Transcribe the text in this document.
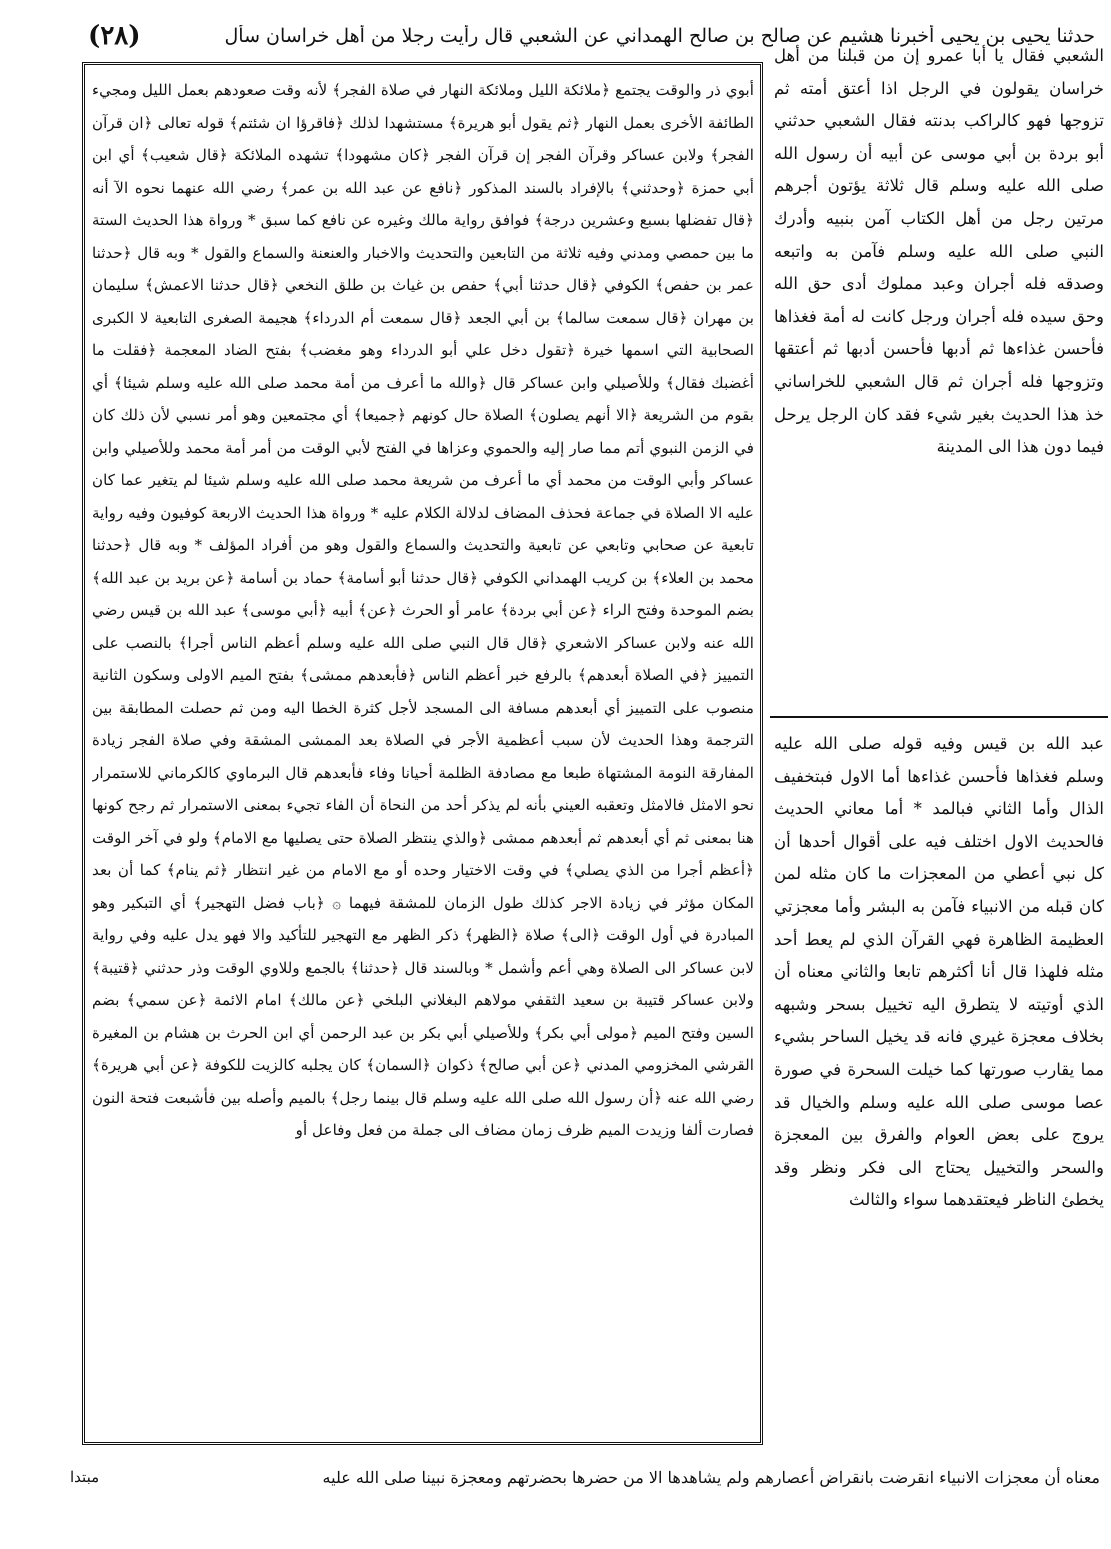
حدثنا يحيى بن يحيى أخبرنا هشيم عن صالح بن صالح الهمداني عن الشعبي قال رأيت رجلا من أهل خراسان سأل
(٢٨)

أبوي ذر والوقت يجتمع ﴿ملائكة الليل وملائكة النهار في صلاة الفجر﴾ لأنه وقت صعودهم بعمل الليل ومجيء الطائفة الأخرى بعمل النهار ﴿ثم يقول أبو هريرة﴾ مستشهدا لذلك ﴿فاقرؤا ان شئتم﴾ قوله تعالى ﴿ان قرآن الفجر﴾ ولابن عساكر وقرآن الفجر إن قرآن الفجر ﴿كان مشهودا﴾ تشهده الملائكة ﴿قال شعيب﴾ أي ابن أبي حمزة ﴿وحدثني﴾ بالإفراد بالسند المذكور ﴿نافع عن عبد الله بن عمر﴾ رضي الله عنهما نحوه الآ أنه ﴿قال تفضلها بسبع وعشرين درجة﴾ فوافق رواية مالك وغيره عن نافع كما سبق * ورواة هذا الحديث الستة ما بين حمصي ومدني وفيه ثلاثة من التابعين والتحديث والاخبار والعنعنة والسماع والقول * وبه قال ﴿حدثنا عمر بن حفص﴾ الكوفي ﴿قال حدثنا أبي﴾ حفص بن غياث بن طلق النخعي ﴿قال حدثنا الاعمش﴾ سليمان بن مهران ﴿قال سمعت سالما﴾ بن أبي الجعد ﴿قال سمعت أم الدرداء﴾ هجيمة الصغرى التابعية لا الكبرى الصحابية التي اسمها خيرة ﴿تقول دخل علي أبو الدرداء وهو مغضب﴾ بفتح الضاد المعجمة ﴿فقلت ما أغضبك فقال﴾ وللأصيلي وابن عساكر قال ﴿والله ما أعرف من أمة محمد صلى الله عليه وسلم شيئا﴾ أي بقوم من الشريعة ﴿الا أنهم يصلون﴾ الصلاة حال كونهم ﴿جميعا﴾ أي مجتمعين وهو أمر نسبي لأن ذلك كان في الزمن النبوي أتم مما صار إليه والحموي وعزاها في الفتح لأبي الوقت من أمر أمة محمد وللأصيلي وابن عساكر وأبي الوقت من محمد أي ما أعرف من شريعة محمد صلى الله عليه وسلم شيئا لم يتغير عما كان عليه الا الصلاة في جماعة فحذف المضاف لدلالة الكلام عليه * ورواة هذا الحديث الاربعة كوفيون وفيه رواية تابعية عن صحابي وتابعي عن تابعية والتحديث والسماع والقول وهو من أفراد المؤلف * وبه قال ﴿حدثنا محمد بن العلاء﴾ بن كريب الهمداني الكوفي ﴿قال حدثنا أبو أسامة﴾ حماد بن أسامة ﴿عن بريد بن عبد الله﴾ بضم الموحدة وفتح الراء ﴿عن أبي بردة﴾ عامر أو الحرث ﴿عن﴾ أبيه ﴿أبي موسى﴾ عبد الله بن قيس رضي الله عنه ولابن عساكر الاشعري ﴿قال قال النبي صلى الله عليه وسلم أعظم الناس أجرا﴾ بالنصب على التمييز ﴿في الصلاة أبعدهم﴾ بالرفع خبر أعظم الناس ﴿فأبعدهم ممشى﴾ بفتح الميم الاولى وسكون الثانية منصوب على التمييز أي أبعدهم مسافة الى المسجد لأجل كثرة الخطا اليه ومن ثم حصلت المطابقة بين الترجمة وهذا الحديث لأن سبب أعظمية الأجر في الصلاة بعد الممشى المشقة وفي صلاة الفجر زيادة المفارقة النومة المشتهاة طبعا مع مصادفة الظلمة أحيانا وفاء فأبعدهم قال البرماوي كالكرماني للاستمرار نحو الامثل فالامثل وتعقبه العيني بأنه لم يذكر أحد من النحاة أن الفاء تجيء بمعنى الاستمرار ثم رجح كونها هنا بمعنى ثم أي أبعدهم ثم أبعدهم ممشى ﴿والذي ينتظر الصلاة حتى يصليها مع الامام﴾ ولو في آخر الوقت ﴿أعظم أجرا من الذي يصلي﴾ في وقت الاختيار وحده أو مع الامام من غير انتظار ﴿ثم ينام﴾ كما أن بعد المكان مؤثر في زيادة الاجر كذلك طول الزمان للمشقة فيهما ۞ ﴿باب فضل التهجير﴾ أي التبكير وهو المبادرة في أول الوقت ﴿الى﴾ صلاة ﴿الظهر﴾ ذكر الظهر مع التهجير للتأكيد والا فهو يدل عليه وفي رواية لابن عساكر الى الصلاة وهي أعم وأشمل * وبالسند قال ﴿حدثنا﴾ بالجمع وللاوي الوقت وذر حدثني ﴿قتيبة﴾ ولابن عساكر قتيبة بن سعيد الثقفي مولاهم البغلاني البلخي ﴿عن مالك﴾ امام الائمة ﴿عن سمي﴾ بضم السين وفتح الميم ﴿مولى أبي بكر﴾ وللأصيلي أبي بكر بن عبد الرحمن أي ابن الحرث بن هشام بن المغيرة القرشي المخزومي المدني ﴿عن أبي صالح﴾ ذكوان ﴿السمان﴾ كان يجلبه كالزيت للكوفة ﴿عن أبي هريرة﴾ رضي الله عنه ﴿أن رسول الله صلى الله عليه وسلم قال بينما رجل﴾ بالميم وأصله بين فأشبعت فتحة النون فصارت ألفا وزيدت الميم ظرف زمان مضاف الى جملة من فعل وفاعل أو

الشعبي فقال يا أبا عمرو إن من قبلنا من أهل خراسان يقولون في الرجل اذا أعتق أمته ثم تزوجها فهو كالراكب بدنته فقال الشعبي حدثني أبو بردة بن أبي موسى عن أبيه أن رسول الله صلى الله عليه وسلم قال ثلاثة يؤتون أجرهم مرتين رجل من أهل الكتاب آمن بنبيه وأدرك النبي صلى الله عليه وسلم فآمن به واتبعه وصدقه فله أجران وعبد مملوك أدى حق الله وحق سيده فله أجران ورجل كانت له أمة فغذاها فأحسن غذاءها ثم أدبها فأحسن أدبها ثم أعتقها وتزوجها فله أجران ثم قال الشعبي للخراساني خذ هذا الحديث بغير شيء فقد كان الرجل يرحل فيما دون هذا الى المدينة

عبد الله بن قيس وفيه قوله صلى الله عليه وسلم فغذاها فأحسن غذاءها أما الاول فبتخفيف الذال وأما الثاني فبالمد * أما معاني الحديث فالحديث الاول اختلف فيه على أقوال أحدها أن كل نبي أعطي من المعجزات ما كان مثله لمن كان قبله من الانبياء فآمن به البشر وأما معجزتي العظيمة الظاهرة فهي القرآن الذي لم يعط أحد مثله فلهذا قال أنا أكثرهم تابعا والثاني معناه أن الذي أوتيته لا يتطرق اليه تخييل بسحر وشبهه بخلاف معجزة غيري فانه قد يخيل الساحر بشيء مما يقارب صورتها كما خيلت السحرة في صورة عصا موسى صلى الله عليه وسلم والخيال قد يروج على بعض العوام والفرق بين المعجزة والسحر والتخييل يحتاج الى فكر ونظر وقد يخطئ الناظر فيعتقدهما سواء والثالث

معناه أن معجزات الانبياء انقرضت بانقراض أعصارهم ولم يشاهدها الا من حضرها بحضرتهم ومعجزة نبينا صلى الله عليه
مبتدا
